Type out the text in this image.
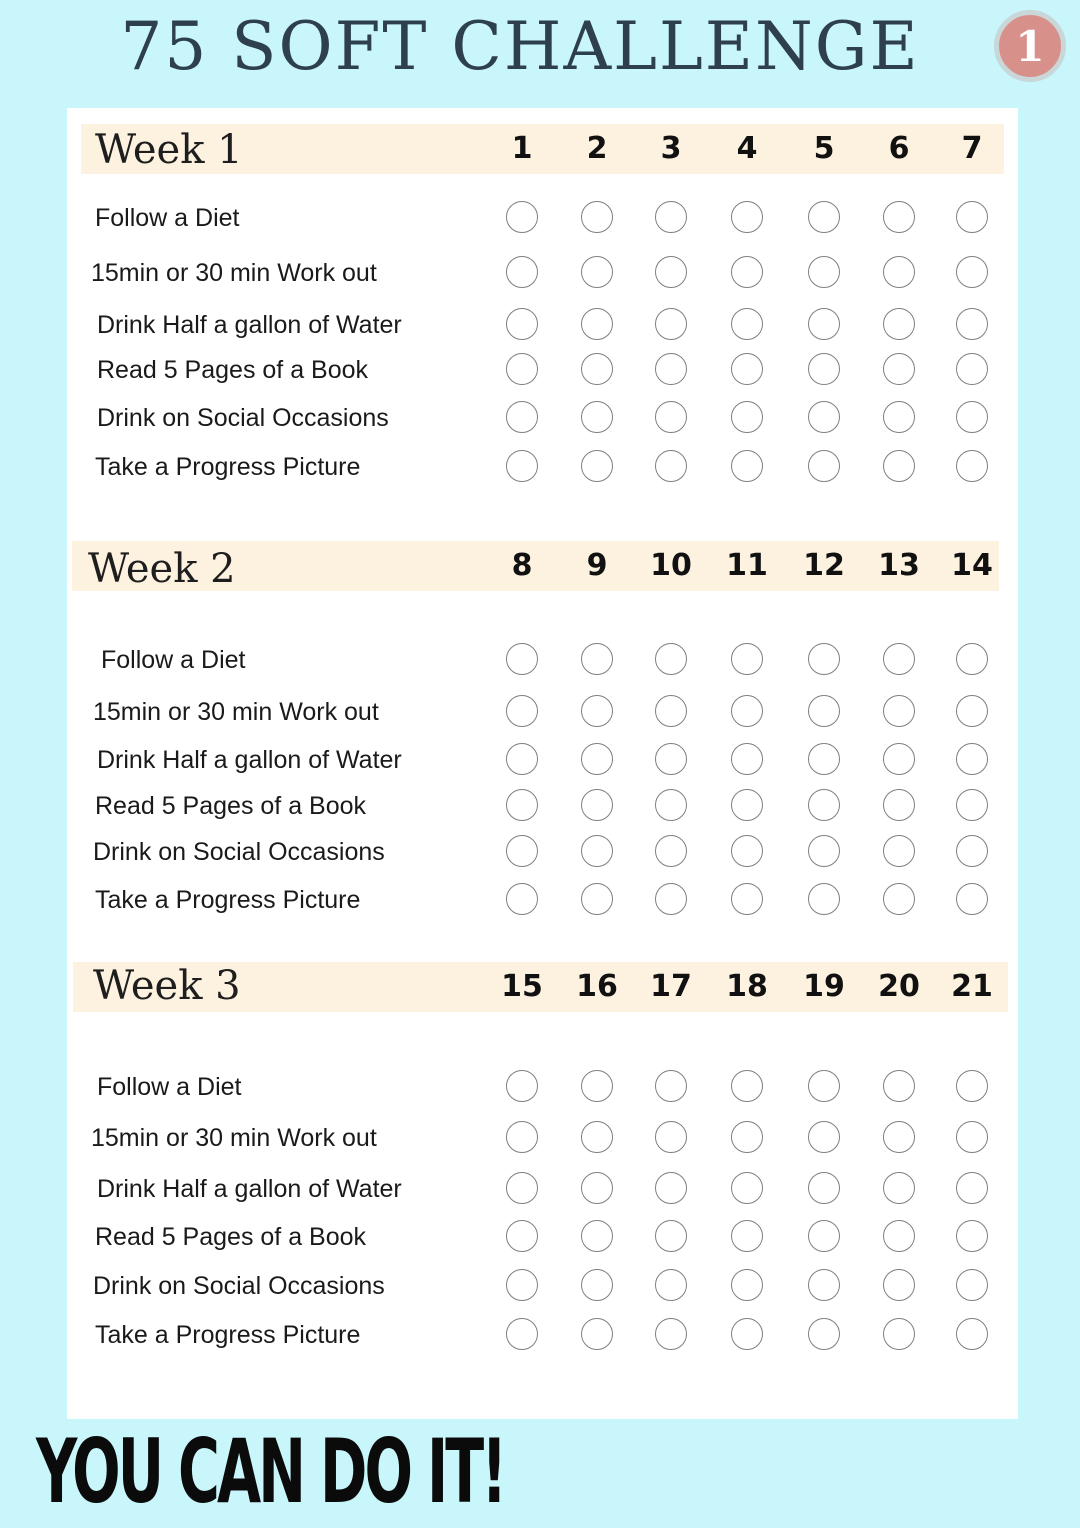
75 SOFT CHALLENGE	1
Week 1	1	2	3	4	5	6	7
Follow a Diet
15min or 30 min Work out
Drink Half a gallon of Water
Read 5 Pages of a Book
Drink on Social Occasions
Take a Progress Picture
Week 2	8	9	10	11	12	13	14
Follow a Diet
15min or 30 min Work out
Drink Half a gallon of Water
Read 5 Pages of a Book
Drink on Social Occasions
Take a Progress Picture
Week 3	15	16	17	18	19	20	21
Follow a Diet
15min or 30 min Work out
Drink Half a gallon of Water
Read 5 Pages of a Book
Drink on Social Occasions
Take a Progress Picture
YOU CAN DO IT!
